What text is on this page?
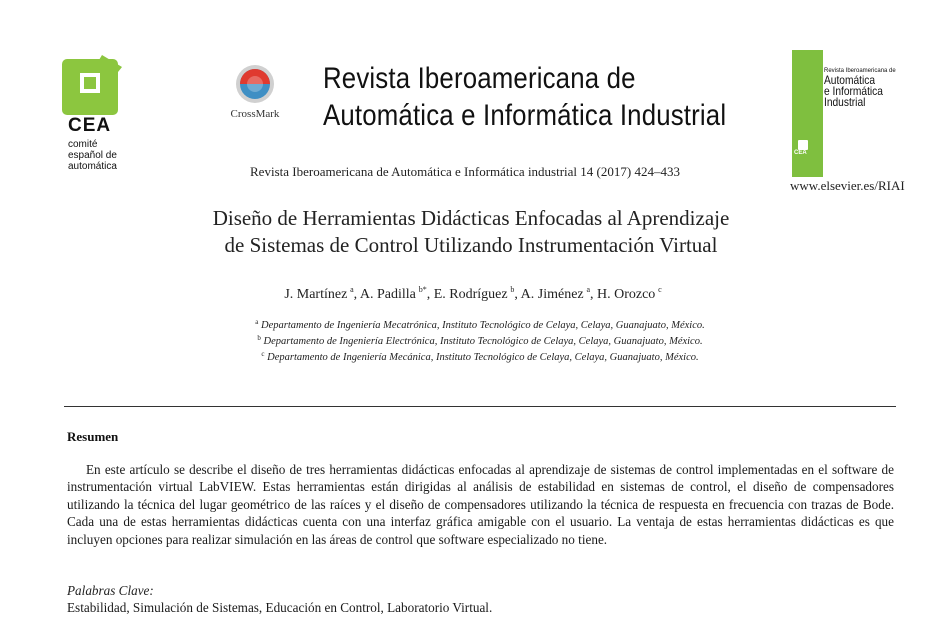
CEA
comité
español de
automática
CrossMark
Revista Iberoamericana de
Automática e Informática Industrial
Revista Iberoamericana de Automática e Informática industrial 14 (2017) 424–433
Revista Iberoamericana de
Automática
e Informática
Industrial
CEA
www.elsevier.es/RIAI
Diseño de Herramientas Didácticas Enfocadas al Aprendizaje
de Sistemas de Control Utilizando Instrumentación Virtual
J. Martínez  $^a$, A. Padilla  $^{b*}$, E. Rodríguez  $^b$, A. Jiménez  $^a$, H. Orozco  $^c$
$^a$ Departamento de Ingeniería Mecatrónica, Instituto Tecnológico de Celaya, Celaya, Guanajuato, México.
$^b$ Departamento de Ingeniería Electrónica, Instituto Tecnológico de Celaya, Celaya, Guanajuato, México.
$^c$ Departamento de Ingeniería Mecánica, Instituto Tecnológico de Celaya, Celaya, Guanajuato, México.
Resumen
En este artículo se describe el diseño de tres herramientas didácticas enfocadas al aprendizaje de sistemas de control implementadas en el software de instrumentación virtual LabVIEW. Estas herramientas están dirigidas al análisis de estabilidad en sistemas de control, el diseño de compensadores utilizando la técnica del lugar geométrico de las raíces y el diseño de compensadores utilizando la técnica de respuesta en frecuencia con trazas de Bode. Cada una de estas herramientas didácticas cuenta con una interfaz gráfica amigable con el usuario. La ventaja de estas herramientas didácticas es que incluyen opciones para realizar simulación en las áreas de control que software especializado no tiene.
Palabras Clave:
Estabilidad, Simulación de Sistemas, Educación en Control, Laboratorio Virtual.
